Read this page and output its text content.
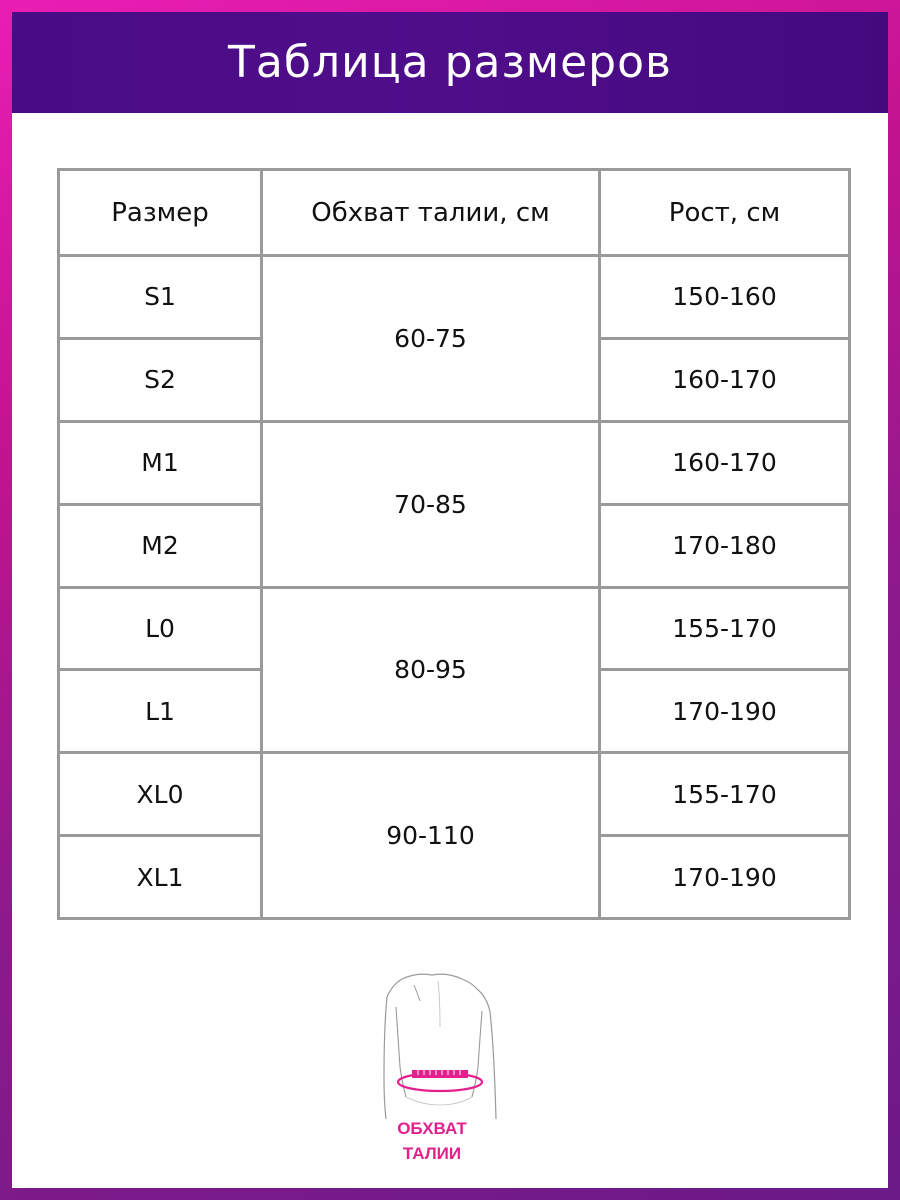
Таблица размеров
Размер	Обхват талии, см	Рост, см
S1	60-75	150-160
S2		160-170
M1	70-85	160-170
M2		170-180
L0	80-95	155-170
L1		170-190
XL0	90-110	155-170
XL1		170-190
ОБХВАТ
ТАЛИИ
